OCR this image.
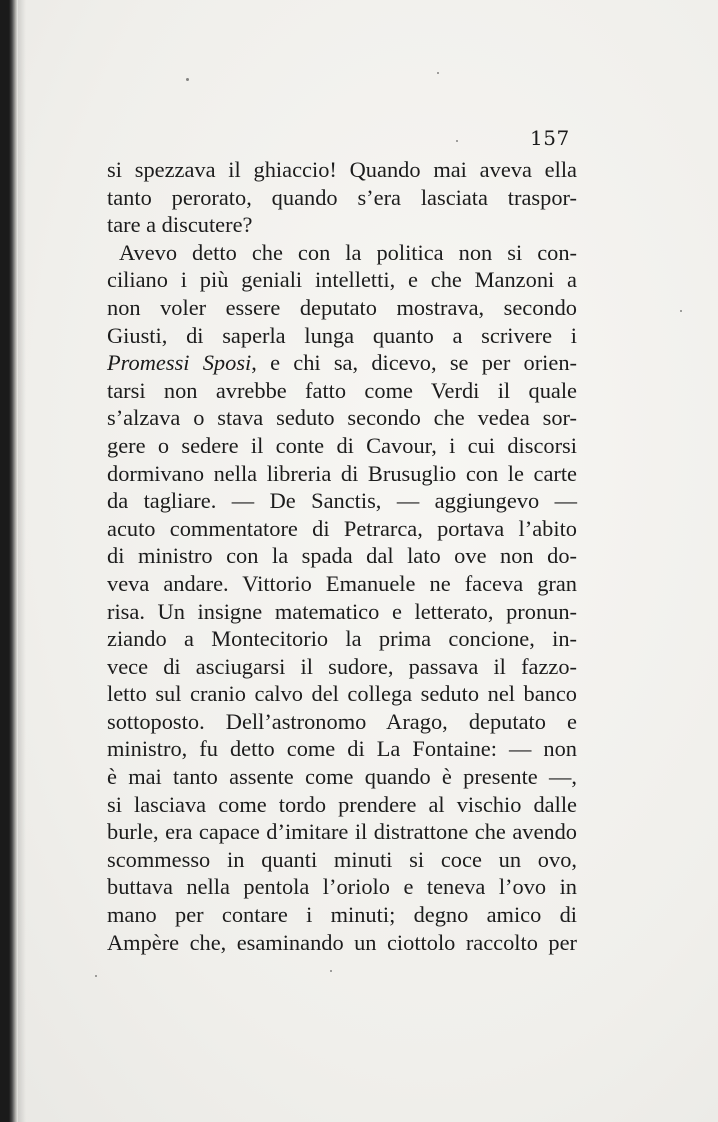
157

si spezzava il ghiaccio! Quando mai aveva ella
tanto perorato, quando s’era lasciata traspor-
tare a discutere?

Avevo detto che con la politica non si con-
ciliano i più geniali intelletti, e che Manzoni a
non voler essere deputato mostrava, secondo
Giusti, di saperla lunga quanto a scrivere i
Promessi Sposi, e chi sa, dicevo, se per orien-
tarsi non avrebbe fatto come Verdi il quale
s’alzava o stava seduto secondo che vedea sor-
gere o sedere il conte di Cavour, i cui discorsi
dormivano nella libreria di Brusuglio con le carte
da tagliare. — De Sanctis, — aggiungevo —
acuto commentatore di Petrarca, portava l’abito
di ministro con la spada dal lato ove non do-
veva andare. Vittorio Emanuele ne faceva gran
risa. Un insigne matematico e letterato, pronun-
ziando a Montecitorio la prima concione, in-
vece di asciugarsi il sudore, passava il fazzo-
letto sul cranio calvo del collega seduto nel banco
sottoposto. Dell’astronomo Arago, deputato e
ministro, fu detto come di La Fontaine: — non
è mai tanto assente come quando è presente —,
si lasciava come tordo prendere al vischio dalle
burle, era capace d’imitare il distrattone che avendo
scommesso in quanti minuti si coce un ovo,
buttava nella pentola l’oriolo e teneva l’ovo in
mano per contare i minuti; degno amico di
Ampère che, esaminando un ciottolo raccolto per
